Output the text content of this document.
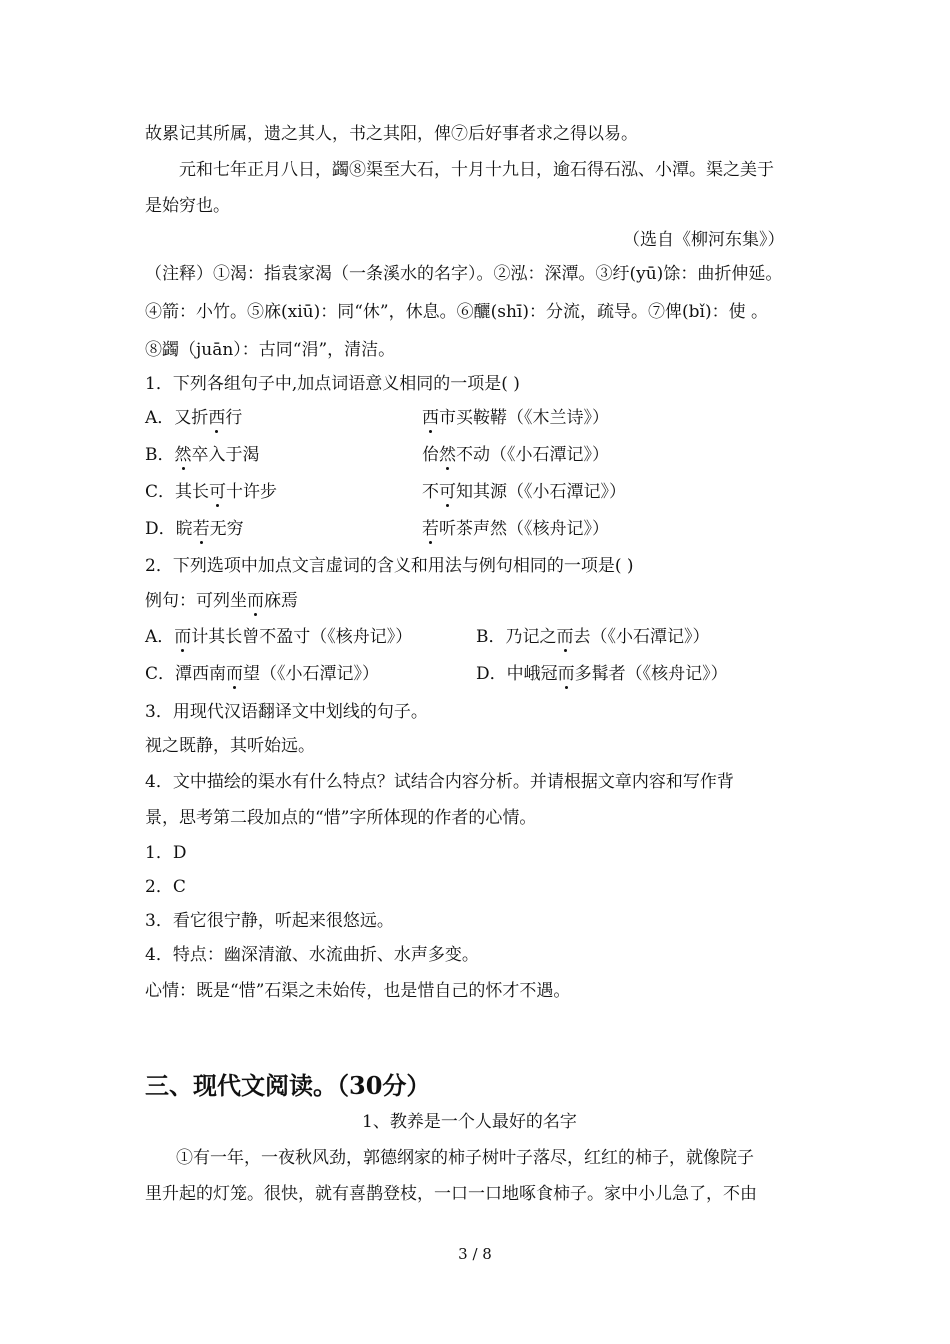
故累记其所属，遗之其人，书之其阳，俾⑦后好事者求之得以易。
元和七年正月八日，蠲⑧渠至大石，十月十九日，逾石得石泓、小潭。渠之美于
是始穷也。
（选自《柳河东集》）
（注释）①渴：指袁家渴（一条溪水的名字）。②泓：深潭。③纡(yū)馀：曲折伸延。
④箭：小竹。⑤庥(xiū)：同“休”，休息。⑥釃(shī)：分流，疏导。⑦俾(bǐ)：使 。
⑧蠲（juān）：古同“涓”，清洁。
1．下列各组句子中,加点词语意义相同的一项是( )
A．又折西行	西市买鞍鞯（《木兰诗》）
B．然卒入于渴	佁然不动（《小石潭记》）
C．其长可十许步	不可知其源（《小石潭记》）
D．睆若无穷	若听茶声然（《核舟记》）
2．下列选项中加点文言虚词的含义和用法与例句相同的一项是( )
例句：可列坐而庥焉
A．而计其长曾不盈寸（《核舟记》）	B．乃记之而去（《小石潭记》）
C．潭西南而望（《小石潭记》）	D．中峨冠而多髯者（《核舟记》）
3．用现代汉语翻译文中划线的句子。
视之既静，其听始远。
4．文中描绘的渠水有什么特点？试结合内容分析。并请根据文章内容和写作背
景，思考第二段加点的“惜”字所体现的作者的心情。
1．D
2．C
3．看它很宁静，听起来很悠远。
4．特点：幽深清澈、水流曲折、水声多变。
心情：既是“惜”石渠之未始传，也是惜自己的怀才不遇。
三、现代文阅读。（30分）
1、教养是一个人最好的名字
①有一年，一夜秋风劲，郭德纲家的柿子树叶子落尽，红红的柿子，就像院子
里升起的灯笼。很快，就有喜鹊登枝，一口一口地啄食柿子。家中小儿急了，不由
3 / 8
